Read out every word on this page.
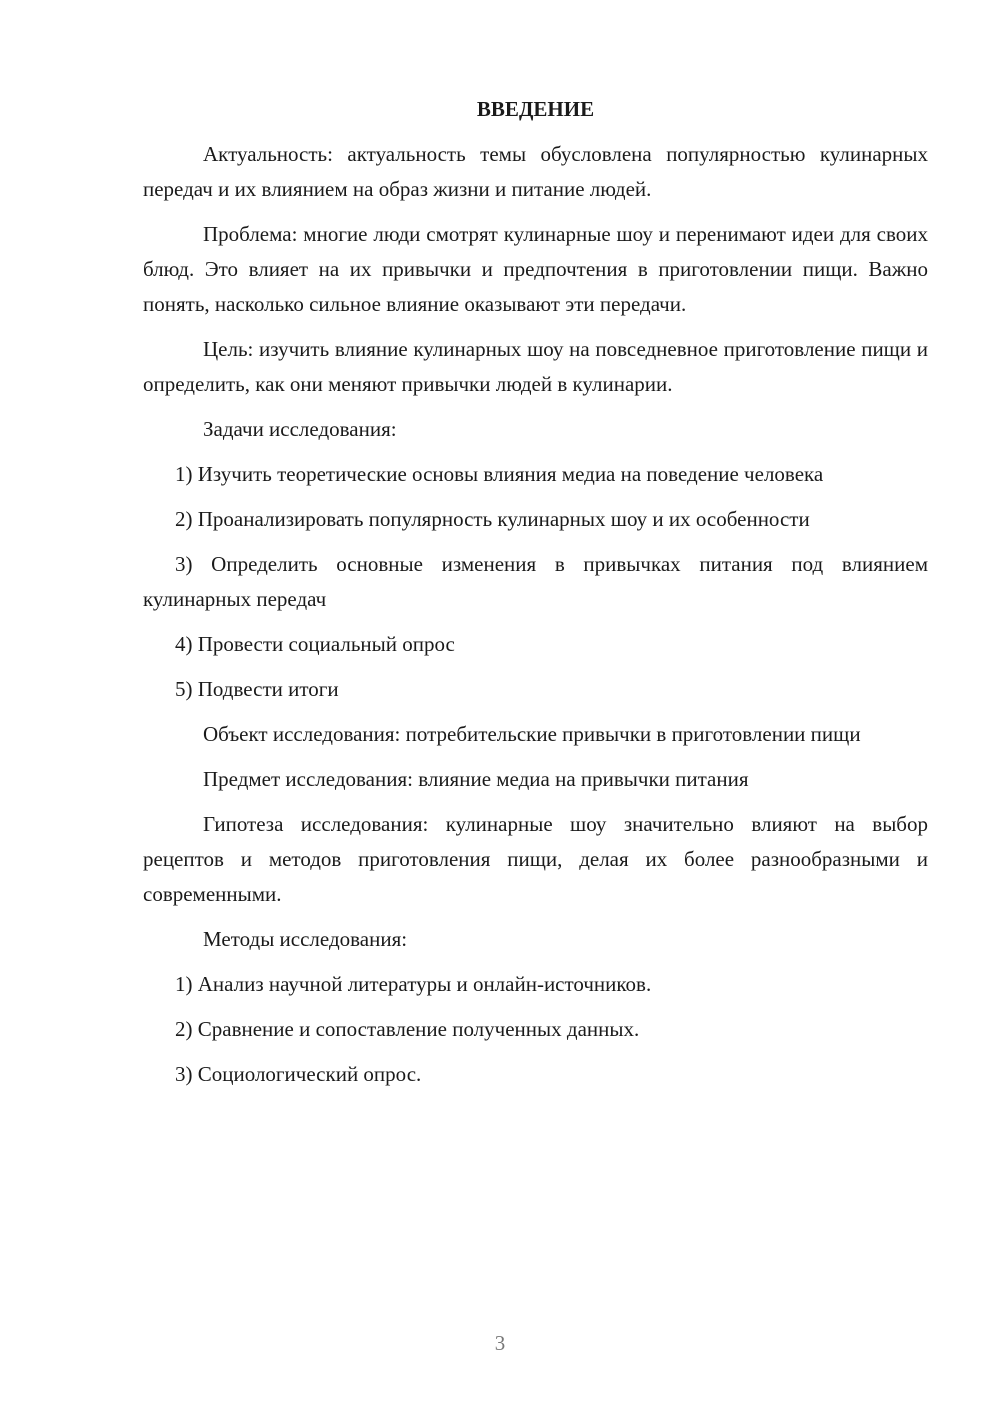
ВВЕДЕНИЕ

Актуальность: актуальность темы обусловлена популярностью кулинарных передач и их влиянием на образ жизни и питание людей.

Проблема: многие люди смотрят кулинарные шоу и перенимают идеи для своих блюд. Это влияет на их привычки и предпочтения в приготовлении пищи. Важно понять, насколько сильное влияние оказывают эти передачи.

Цель: изучить влияние кулинарных шоу на повседневное приготовление пищи и определить, как они меняют привычки людей в кулинарии.

Задачи исследования:

1) Изучить теоретические основы влияния медиа на поведение человека

2) Проанализировать популярность кулинарных шоу и их особенности

3) Определить основные изменения в привычках питания под влиянием кулинарных передач

4) Провести социальный опрос

5) Подвести итоги

Объект исследования: потребительские привычки в приготовлении пищи

Предмет исследования: влияние медиа на привычки питания

Гипотеза исследования: кулинарные шоу значительно влияют на выбор рецептов и методов приготовления пищи, делая их более разнообразными и современными.

Методы исследования:

1) Анализ научной литературы и онлайн-источников.

2) Сравнение и сопоставление полученных данных.

3) Социологический опрос.

3
